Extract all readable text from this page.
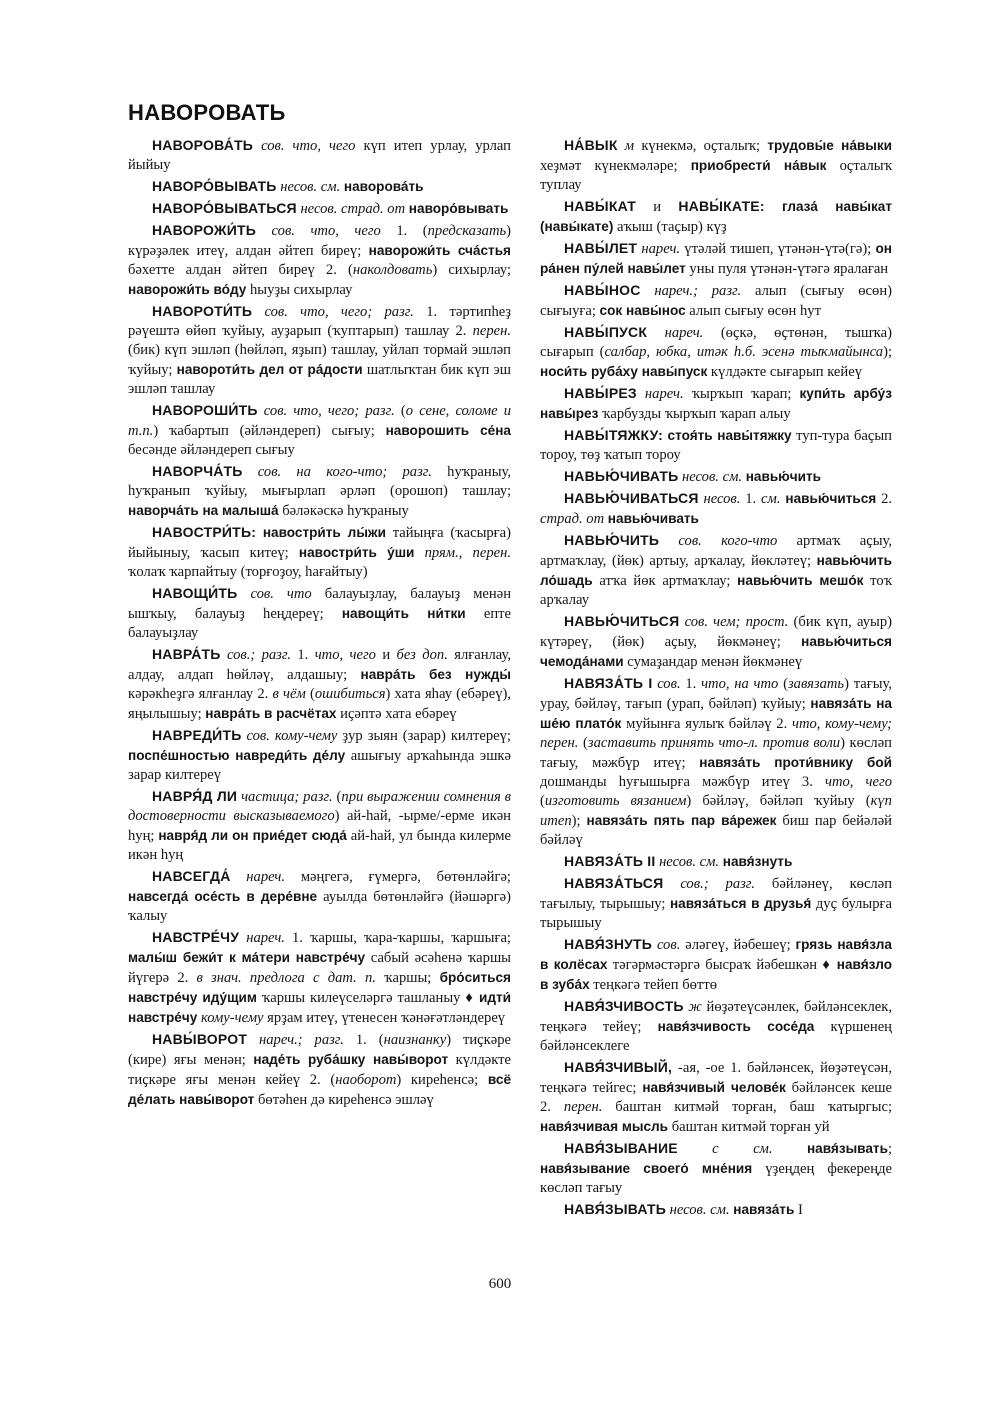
НАВОРОВАТЬ

НАВОРОВА́ТЬ сов. что, чего күп итеп урлау, урлап йыйыу

НАВОРО́ВЫВАТЬ несов. см. наворова́ть

НАВОРО́ВЫВАТЬСЯ несов. страд. от наворо́вывать

НАВОРОЖИ́ТЬ сов. что, чего 1. (предсказать) күрәҙәлек итеү, алдан әйтеп биреү; наворожи́ть сча́стья бәхетте алдан әйтеп биреү 2. (наколдовать) сихырлау; наворожи́ть во́ду һыуҙы сихырлау

НАВОРОТИ́ТЬ сов. что, чего; разг. 1. тәртипһеҙ рәүештә өйөп ҡуйыу, ауҙарып (ҡуптарып) ташлау 2. перен. (бик) күп эшләп (һөйләп, яҙып) ташлау, уйлап тормай эшләп ҡуйыу; навороти́ть дел от ра́дости шатлыҡтан бик күп эш эшләп ташлау

НАВОРОШИ́ТЬ сов. что, чего; разг. (о сене, соломе и т.п.) ҡабартып (әйләндереп) сығыу; наворошить се́на бесәнде әйләндереп сығыу

НАВОРЧА́ТЬ сов. на кого-что; разг. һуҡраныу, һуҡранып ҡуйыу, мығырлап әрләп (орошоп) ташлау; наворча́ть на малыша́ бәләкәскә һуҡраныу

НАВОСТРИ́ТЬ: навостри́ть лы́жи тайыңға (ҡасырға) йыйыныу, ҡасып китеү; навостри́ть у́ши прям., перен. ҡолаҡ ҡарпайтыу (торғоҙоу, һағайтыу)

НАВОЩИ́ТЬ сов. что балауыҙлау, балауыҙ менән ышҡыу, балауыҙ һеңдереү; навощи́ть ни́тки епте балауыҙлау

НАВРА́ТЬ сов.; разг. 1. что, чего и без доп. ялғанлау, алдау, алдап һөйләү, алдашыу; навра́ть без нужды́ кәрәкһеҙгә ялғанлау 2. в чём (ошибиться) хата яһау (ебәреү), яңылышыу; навра́ть в расчётах иҫәптә хата ебәреү

НАВРЕДИ́ТЬ сов. кому-чему ҙур зыян (зарар) килтереү; поспе́шностью навреди́ть де́лу ашығыу арҡаһында эшкә зарар килтереү

НАВРЯ́Д ЛИ частица; разг. (при выражении сомнения в достоверности высказываемого) ай-һай, -ырме/-ерме икән һуң; навря́д ли он прие́дет сюда́ ай-һай, ул бында килерме икән һуң

НАВСЕГДА́ нареч. мәңгегә, ғүмергә, бөтөнләйгә; навсегда́ осе́сть в дере́вне ауылда бөтөнләйгә (йәшәргә) ҡалыу

НАВСТРЕ́ЧУ нареч. 1. ҡаршы, ҡара-ҡаршы, ҡаршыға; малы́ш бежи́т к ма́тери навстре́чу сабый әсәһенә ҡаршы йүгерә 2. в знач. предлога с дат. п. ҡаршы; бро́ситься навстре́чу иду́щим ҡаршы килеүселәргә ташланыу ♦ идти́ навстре́чу кому-чему ярҙам итеү, үтенесен ҡәнәғәтләндереү

НАВЫ́ВОРОТ нареч.; разг. 1. (наизнанку) тиҫкәре (кире) яғы менән; наде́ть руба́шку навы́ворот күлдәкте тиҫкәре яғы менән кейеү 2. (наоборот) киреһенсә; всё де́лать навы́ворот бөтәһен дә киреһенсә эшләү

НА́ВЫК м күнекмә, оҫталыҡ; трудовы́е на́выки хеҙмәт күнекмәләре; приобрести́ на́вык оҫталыҡ туплау

НАВЫ́КАТ и НАВЫ́КАТЕ: глаза́ навы́кат (навы́кате) аҡыш (таҫыр) күҙ

НАВЫ́ЛЕТ нареч. үтәләй тишеп, үтәнән-үтә(гә); он ра́нен пу́лей навы́лет уны пуля үтәнән-үтәгә яралаған

НАВЫ́НОС нареч.; разг. алып (сығыу өсөн) сығыуға; сок навы́нос алып сығыу өсөн һут

НАВЫ́ПУСК нареч. (өҫкә, өҫтөнән, тышҡа) сығарып (салбар, юбка, итәк һ.б. эсенә тыҡмайынса); носи́ть руба́ху навы́пуск күлдәкте сығарып кейеү

НАВЫ́РЕЗ нареч. ҡырҡып ҡарап; купи́ть арбу́з навы́рез ҡарбузды ҡырҡып ҡарап алыу

НАВЫ́ТЯЖКУ: стоя́ть навы́тяжку туп-тура баҫып тороу, төҙ ҡатып тороу

НАВЬЮ́ЧИВАТЬ несов. см. навью́чить

НАВЬЮ́ЧИВАТЬСЯ несов. 1. см. навью́читься 2. страд. от навью́чивать

НАВЬЮ́ЧИТЬ сов. кого-что артмаҡ аҫыу, артмаҡлау, (йөк) артыу, арҡалау, йөкләтеү; навью́чить ло́шадь атҡа йөк артмаҡлау; навью́чить мешо́к тоҡ арҡалау

НАВЬЮ́ЧИТЬСЯ сов. чем; прост. (бик күп, ауыр) күтәреү, (йөк) аҫыу, йөкмәнеү; навью́читься чемода́нами сумаҙандар менән йөкмәнеү

НАВЯЗА́ТЬ I сов. 1. что, на что (завязать) тағыу, урау, бәйләү, тағып (урап, бәйләп) ҡуйыу; навяза́ть на ше́ю плато́к муйынға яулыҡ бәйләү 2. что, кому-чему; перен. (заставить принять что-л. против воли) көсләп тағыу, мәжбүр итеү; навяза́ть проти́внику бой дошманды һуғышырға мәжбүр итеү 3. что, чего (изготовить вязанием) бәйләү, бәйләп ҡуйыу (күп итеп); навяза́ть пять пар ва́режек биш пар бейәләй бәйләү

НАВЯЗА́ТЬ II несов. см. навя́знуть

НАВЯЗА́ТЬСЯ сов.; разг. бәйләнеү, көсләп тағылыу, тырышыу; навяза́ться в друзья́ дуҫ булырға тырышыу

НАВЯ́ЗНУТЬ сов. әләгеү, йәбешеү; грязь навя́зла в колёсах тәгәрмәстәргә бысраҡ йәбешкән ♦ навя́зло в зуба́х теңкәгә тейеп бөттө

НАВЯ́ЗЧИВОСТЬ ж йөҙәтеүсәнлек, бәйләнсеклек, теңкәгә тейеү; навя́зчивость сосе́да күршенең бәйләнсеклеге

НАВЯ́ЗЧИВЫЙ, -ая, -ое 1. бәйләнсек, йөҙәтеүсән, теңкәгә тейгес; навя́зчивый челове́к бәйләнсек кеше 2. перен. баштан китмәй торған, баш ҡатыргыс; навя́зчивая мысль баштан китмәй торған уй

НАВЯ́ЗЫВАНИЕ с см.	навя́зывать; навя́зывание своего́ мне́ния үҙеңдең фекереңде көсләп тағыу

НАВЯ́ЗЫВАТЬ несов. см. навяза́ть I

600
